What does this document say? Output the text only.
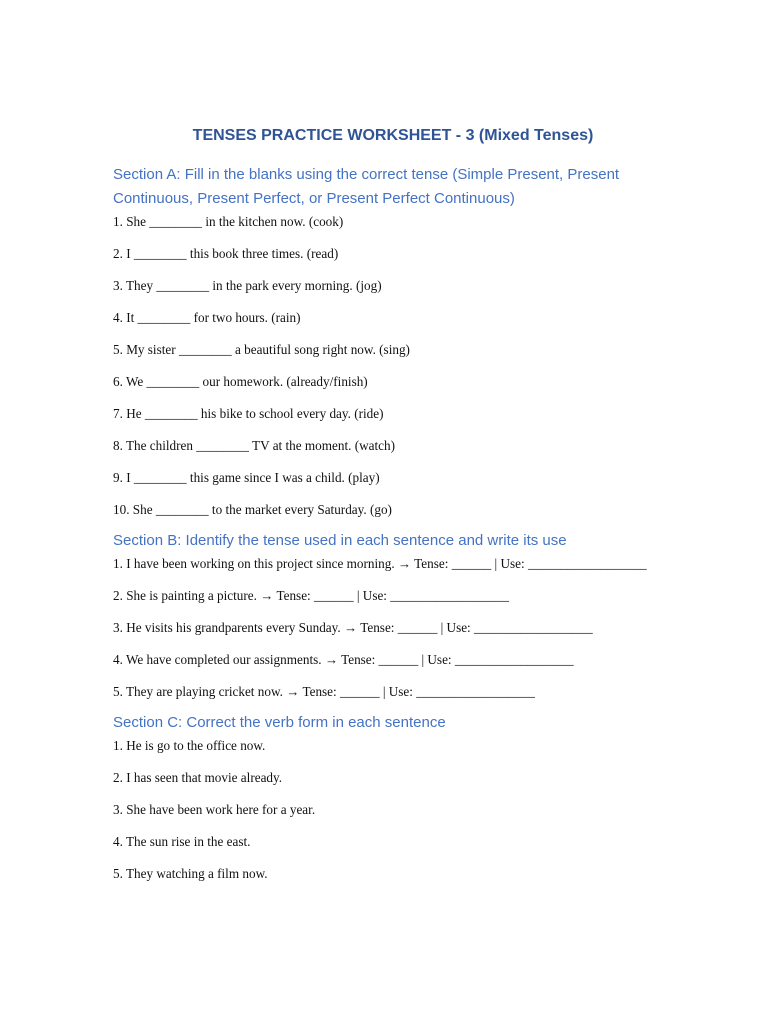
TENSES PRACTICE WORKSHEET - 3 (Mixed Tenses)

Section A: Fill in the blanks using the correct tense (Simple Present, Present Continuous, Present Perfect, or Present Perfect Continuous)

1. She ________ in the kitchen now. (cook)

2. I ________ this book three times. (read)

3. They ________ in the park every morning. (jog)

4. It ________ for two hours. (rain)

5. My sister ________ a beautiful song right now. (sing)

6. We ________ our homework. (already/finish)

7. He ________ his bike to school every day. (ride)

8. The children ________ TV at the moment. (watch)

9. I ________ this game since I was a child. (play)

10. She ________ to the market every Saturday. (go)

Section B: Identify the tense used in each sentence and write its use

1. I have been working on this project since morning. → Tense: ______ | Use: __________________

2. She is painting a picture. → Tense: ______ | Use: __________________

3. He visits his grandparents every Sunday. → Tense: ______ | Use: __________________

4. We have completed our assignments. → Tense: ______ | Use: __________________

5. They are playing cricket now. → Tense: ______ | Use: __________________

Section C: Correct the verb form in each sentence

1. He is go to the office now.

2. I has seen that movie already.

3. She have been work here for a year.

4. The sun rise in the east.

5. They watching a film now.
